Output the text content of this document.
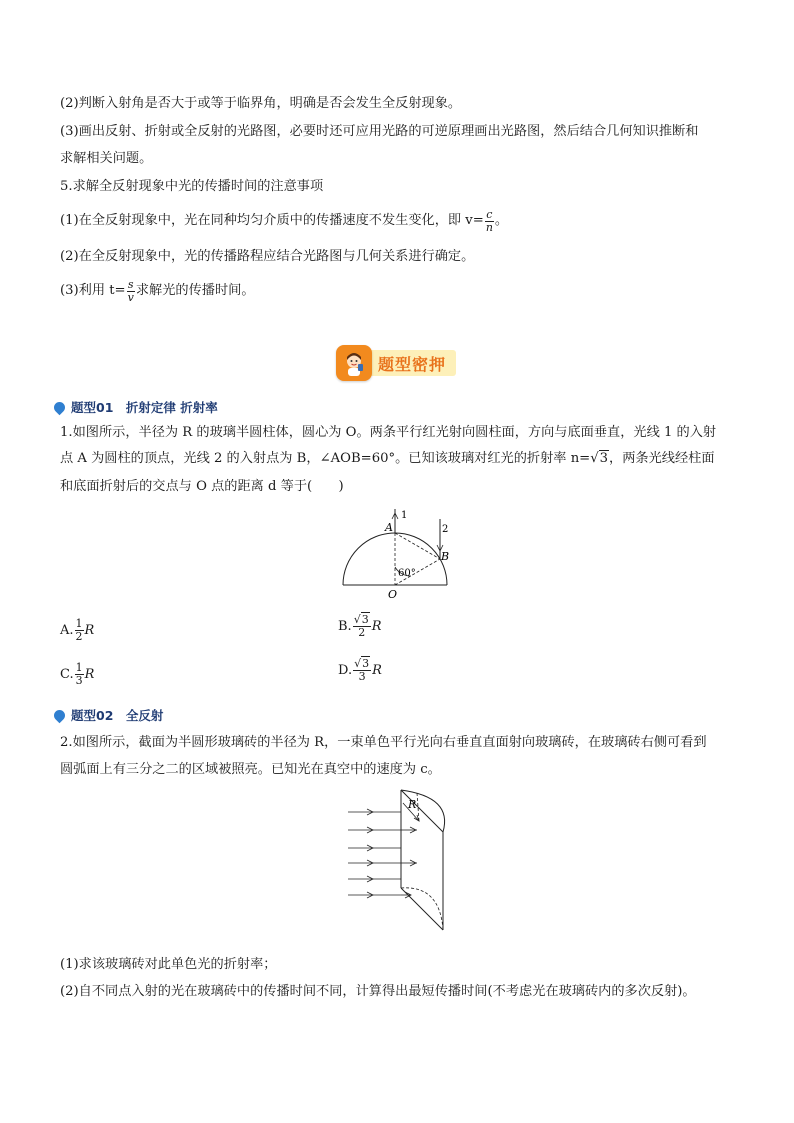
(2)判断入射角是否大于或等于临界角，明确是否会发生全反射现象。
(3)画出反射、折射或全反射的光路图，必要时还可应用光路的可逆原理画出光路图，然后结合几何知识推断和
求解相关问题。
5.求解全反射现象中光的传播时间的注意事项
(1)在全反射现象中，光在同种均匀介质中的传播速度不发生变化，即 $v= \frac{c}{n}$ 。
(2)在全反射现象中，光的传播路程应结合光路图与几何关系进行确定。
(3)利用 $t= \frac{s}{v}$ 求解光的传播时间。
题型密押
题型01　折射定律 折射率
1.如图所示，半径为 R 的玻璃半圆柱体，圆心为 O。两条平行红光射向圆柱面，方向与底面垂直，光线 1 的入射
点 A 为圆柱的顶点，光线 2 的入射点为 B，∠AOB=60°。已知该玻璃对红光的折射率 n= √3 ，两条光线经柱面
和底面折射后的交点与 O 点的距离 d 等于(　　)
A
1
2
B
60°
O
A. $\frac{1}{2}$ R	B. $\frac{√3}{2}$ R
C. $\frac{1}{3}$ R	D. $\frac{√3}{3}$ R
题型02　全反射
2.如图所示，截面为半圆形玻璃砖的半径为 R，一束单色平行光向右垂直直面射向玻璃砖，在玻璃砖右侧可看到
圆弧面上有三分之二的区域被照亮。已知光在真空中的速度为 c。
R
(1)求该玻璃砖对此单色光的折射率；
(2)自不同点入射的光在玻璃砖中的传播时间不同，计算得出最短传播时间(不考虑光在玻璃砖内的多次反射)。
